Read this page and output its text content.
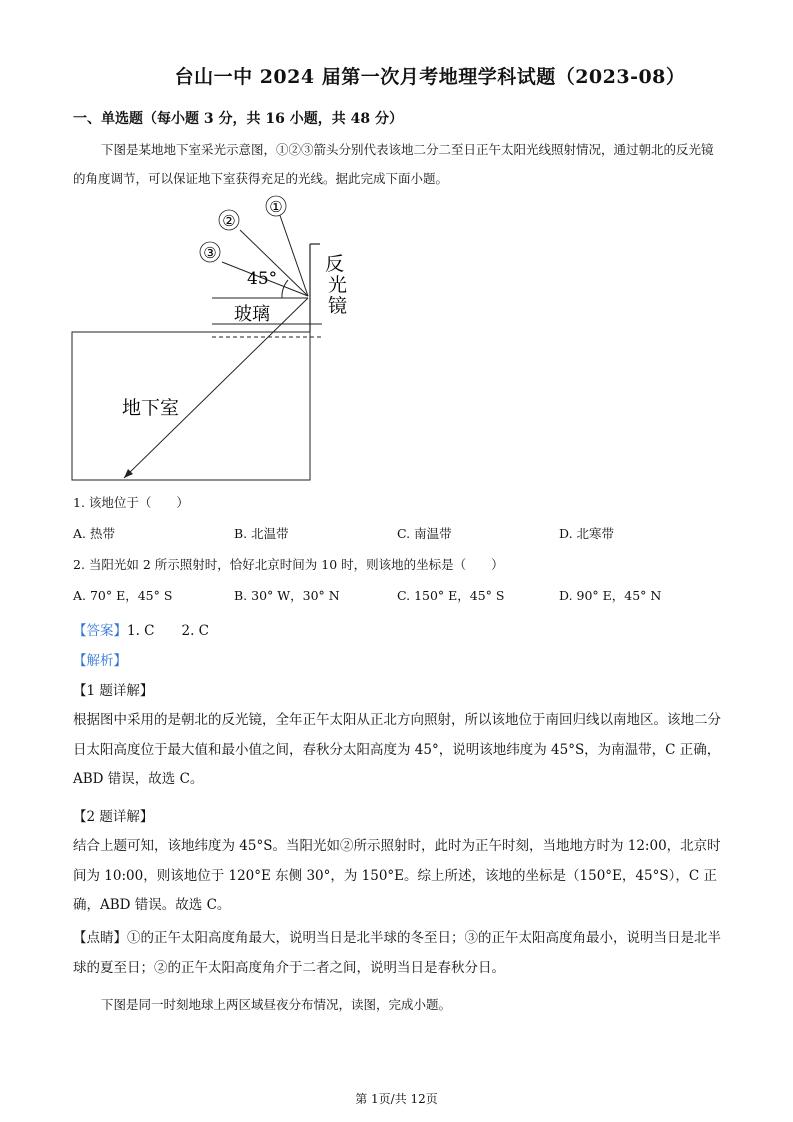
台山一中 2024 届第一次月考地理学科试题（2023-08）
一、单选题（每小题 3 分，共 16 小题，共 48 分）
下图是某地地下室采光示意图，①②③箭头分别代表该地二分二至日正午太阳光线照射情况，通过朝北的反光镜的角度调节，可以保证地下室获得充足的光线。据此完成下面小题。
①
②
③
45°
反
光
镜
玻璃
地下室
1. 该地位于（　　）
A. 热带	B. 北温带	C. 南温带	D. 北寒带
2. 当阳光如 2 所示照射时，恰好北京时间为 10 时，则该地的坐标是（　　）
A. 70° E，45° S	B. 30° W，30° N	C. 150° E，45° S	D. 90° E，45° N
【答案】1. C　　2. C
【解析】
【1 题详解】
根据图中采用的是朝北的反光镜，全年正午太阳从正北方向照射，所以该地位于南回归线以南地区。该地二分日太阳高度位于最大值和最小值之间，春秋分太阳高度为 45°，说明该地纬度为 45°S，为南温带，C 正确，ABD 错误，故选 C。
【2 题详解】
结合上题可知，该地纬度为 45°S。当阳光如②所示照射时，此时为正午时刻，当地地方时为 12:00，北京时间为 10:00，则该地位于 120°E 东侧 30°，为 150°E。综上所述，该地的坐标是（150°E，45°S），C 正确，ABD 错误。故选 C。
【点睛】①的正午太阳高度角最大，说明当日是北半球的冬至日；③的正午太阳高度角最小，说明当日是北半球的夏至日；②的正午太阳高度角介于二者之间，说明当日是春秋分日。
下图是同一时刻地球上两区域昼夜分布情况，读图，完成小题。
第 1页/共 12页
